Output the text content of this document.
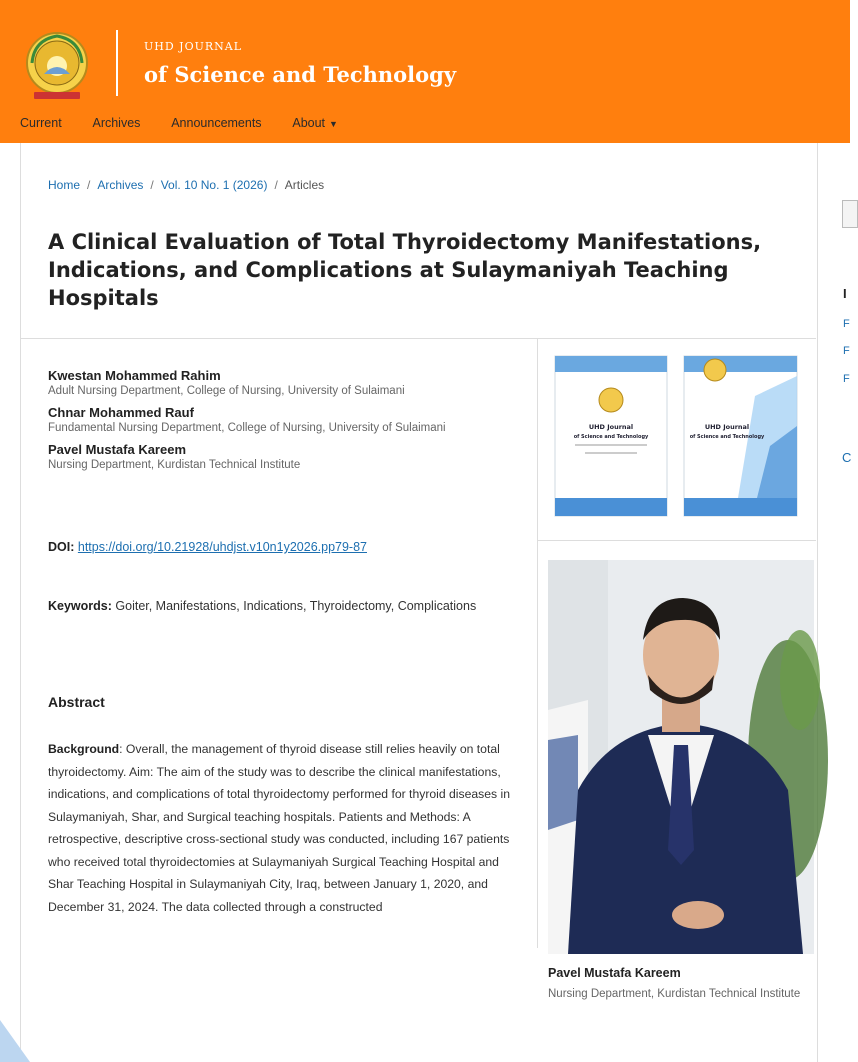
UHD JOURNAL
of Science and Technology
Current Archives Announcements About ▼
Home / Archives / Vol. 10 No. 1 (2026) / Articles
A Clinical Evaluation of Total Thyroidectomy Manifestations, Indications, and Complications at Sulaymaniyah Teaching Hospitals
Kwestan Mohammed Rahim
Adult Nursing Department, College of Nursing, University of Sulaimani
Chnar Mohammed Rauf
Fundamental Nursing Department, College of Nursing, University of Sulaimani
Pavel Mustafa Kareem
Nursing Department, Kurdistan Technical Institute
DOI: https://doi.org/10.21928/uhdjst.v10n1y2026.pp79-87
Keywords: Goiter, Manifestations, Indications, Thyroidectomy, Complications
Abstract
Background: Overall, the management of thyroid disease still relies heavily on total thyroidectomy. Aim: The aim of the study was to describe the clinical manifestations, indications, and complications of total thyroidectomy performed for thyroid diseases in Sulaymaniyah, Shar, and Surgical teaching hospitals. Patients and Methods: A retrospective, descriptive cross-sectional study was conducted, including 167 patients who received total thyroidectomies at Sulaymaniyah Surgical Teaching Hospital and Shar Teaching Hospital in Sulaymaniyah City, Iraq, between January 1, 2020, and December 31, 2024. The data collected through a constructed
UHD Journal
of Science and Technology
UHD Journal
of Science and Technology
Pavel Mustafa Kareem
Nursing Department, Kurdistan Technical Institute
I
F
F
F
C
